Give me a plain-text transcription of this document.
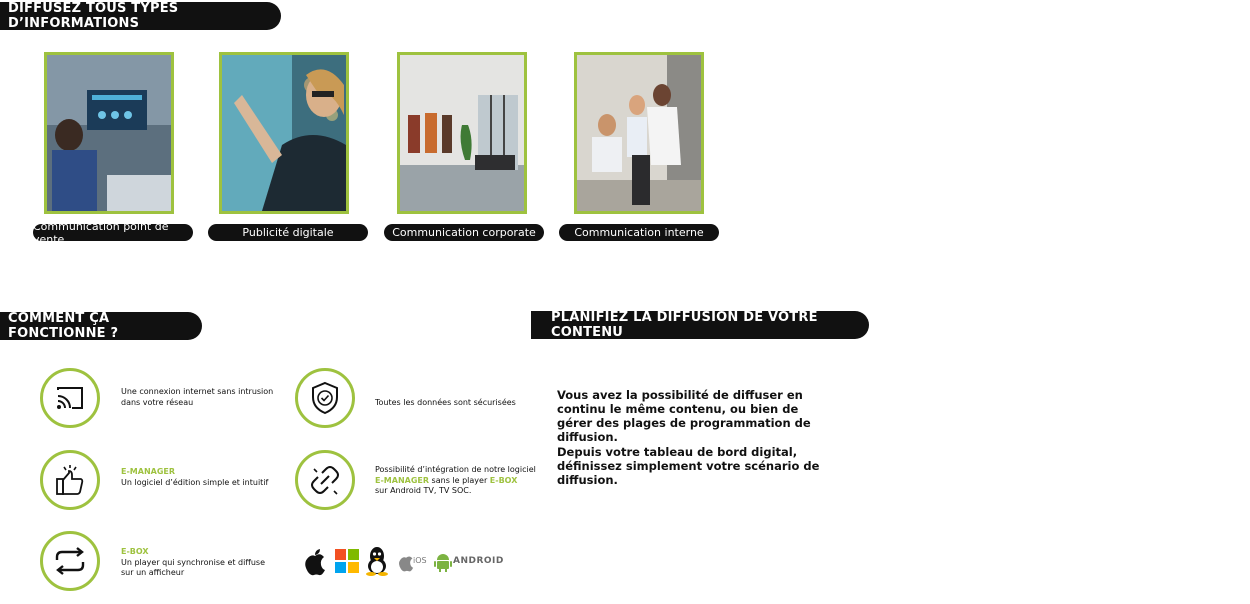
DIFFUSEZ TOUS TYPES D’INFORMATIONS
Communication point de vente	Publicité digitale	Communication corporate	Communication interne
COMMENT ÇA FONCTIONNE ?
Une connexion internet sans intrusion
dans votre réseau	Toutes les données sont sécurisées
E-MANAGER
Un logiciel d’édition simple et intuitif
Possibilité d’intégration de notre logiciel
E-MANAGER sans le player E-BOX
sur Android TV, TV SOC.
E-BOX
Un player qui synchronise et diffuse
sur un afficheur
iOS	ANDROID
PLANIFIEZ LA DIFFUSION DE VOTRE CONTENU
Vous avez la possibilité de diffuser en continu le même contenu, ou bien de gérer des plages de programmation de diffusion.
Depuis votre tableau de bord digital, définissez simplement votre scénario de diffusion.
